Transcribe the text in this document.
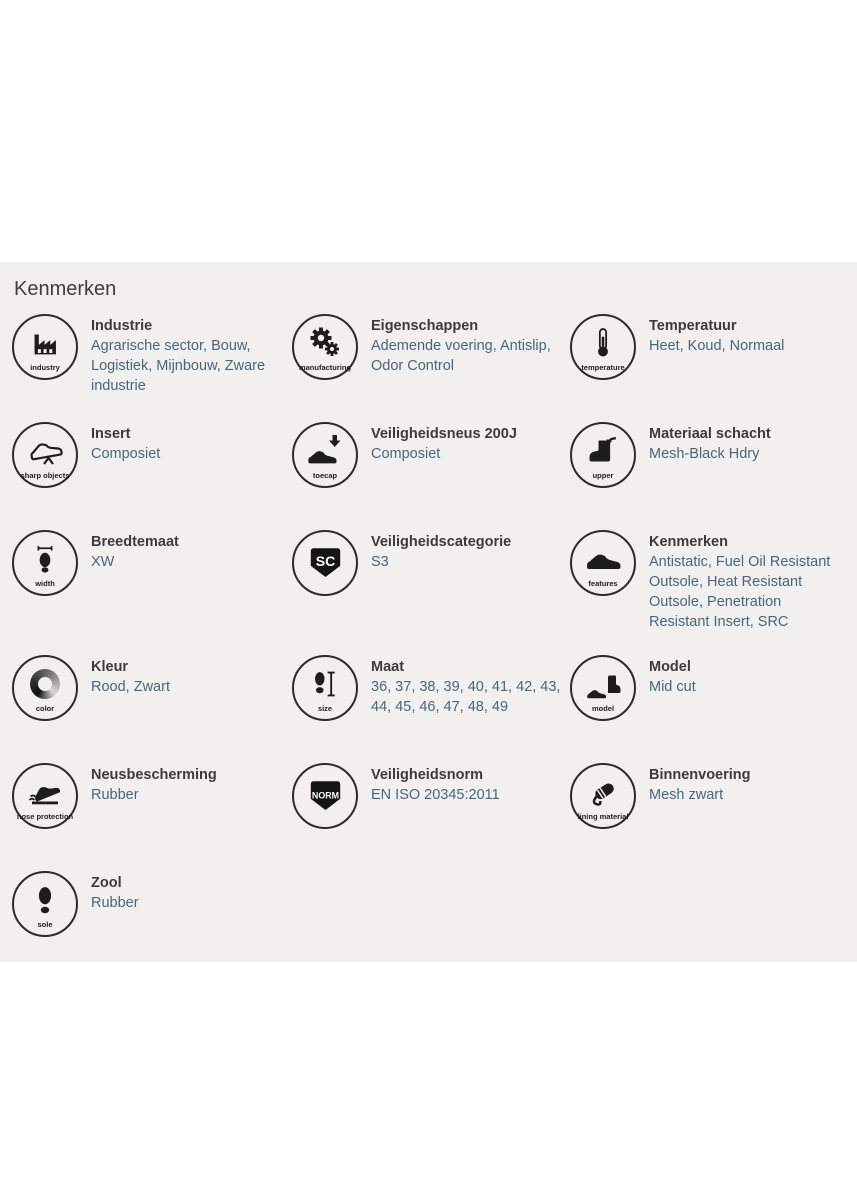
Kenmerken
industry
Industrie
Agrarische sector, Bouw, Logistiek, Mijnbouw, Zware industrie
manufacturing
Eigenschappen
Ademende voering, Antislip, Odor Control	temperature
Temperatuur
Heet, Koud, Normaal
sharp objects
Insert
Composiet
toecap
Veiligheidsneus 200J
Composiet
upper
Materiaal schacht
Mesh-Black Hdry
width
Breedtemaat
XW	SC
Veiligheidscategorie
S3
features
Kenmerken
Antistatic, Fuel Oil Resistant Outsole, Heat Resistant Outsole, Penetration Resistant Insert, SRC
color
Kleur
Rood, Zwart
size
Maat
36, 37, 38, 39, 40, 41, 42, 43, 44, 45, 46, 47, 48, 49	model
Model
Mid cut
nose protection
Neusbescherming
Rubber	NORM
Veiligheidsnorm
EN ISO 20345:2011
lining material
Binnenvoering
Mesh zwart
sole
Zool
Rubber
